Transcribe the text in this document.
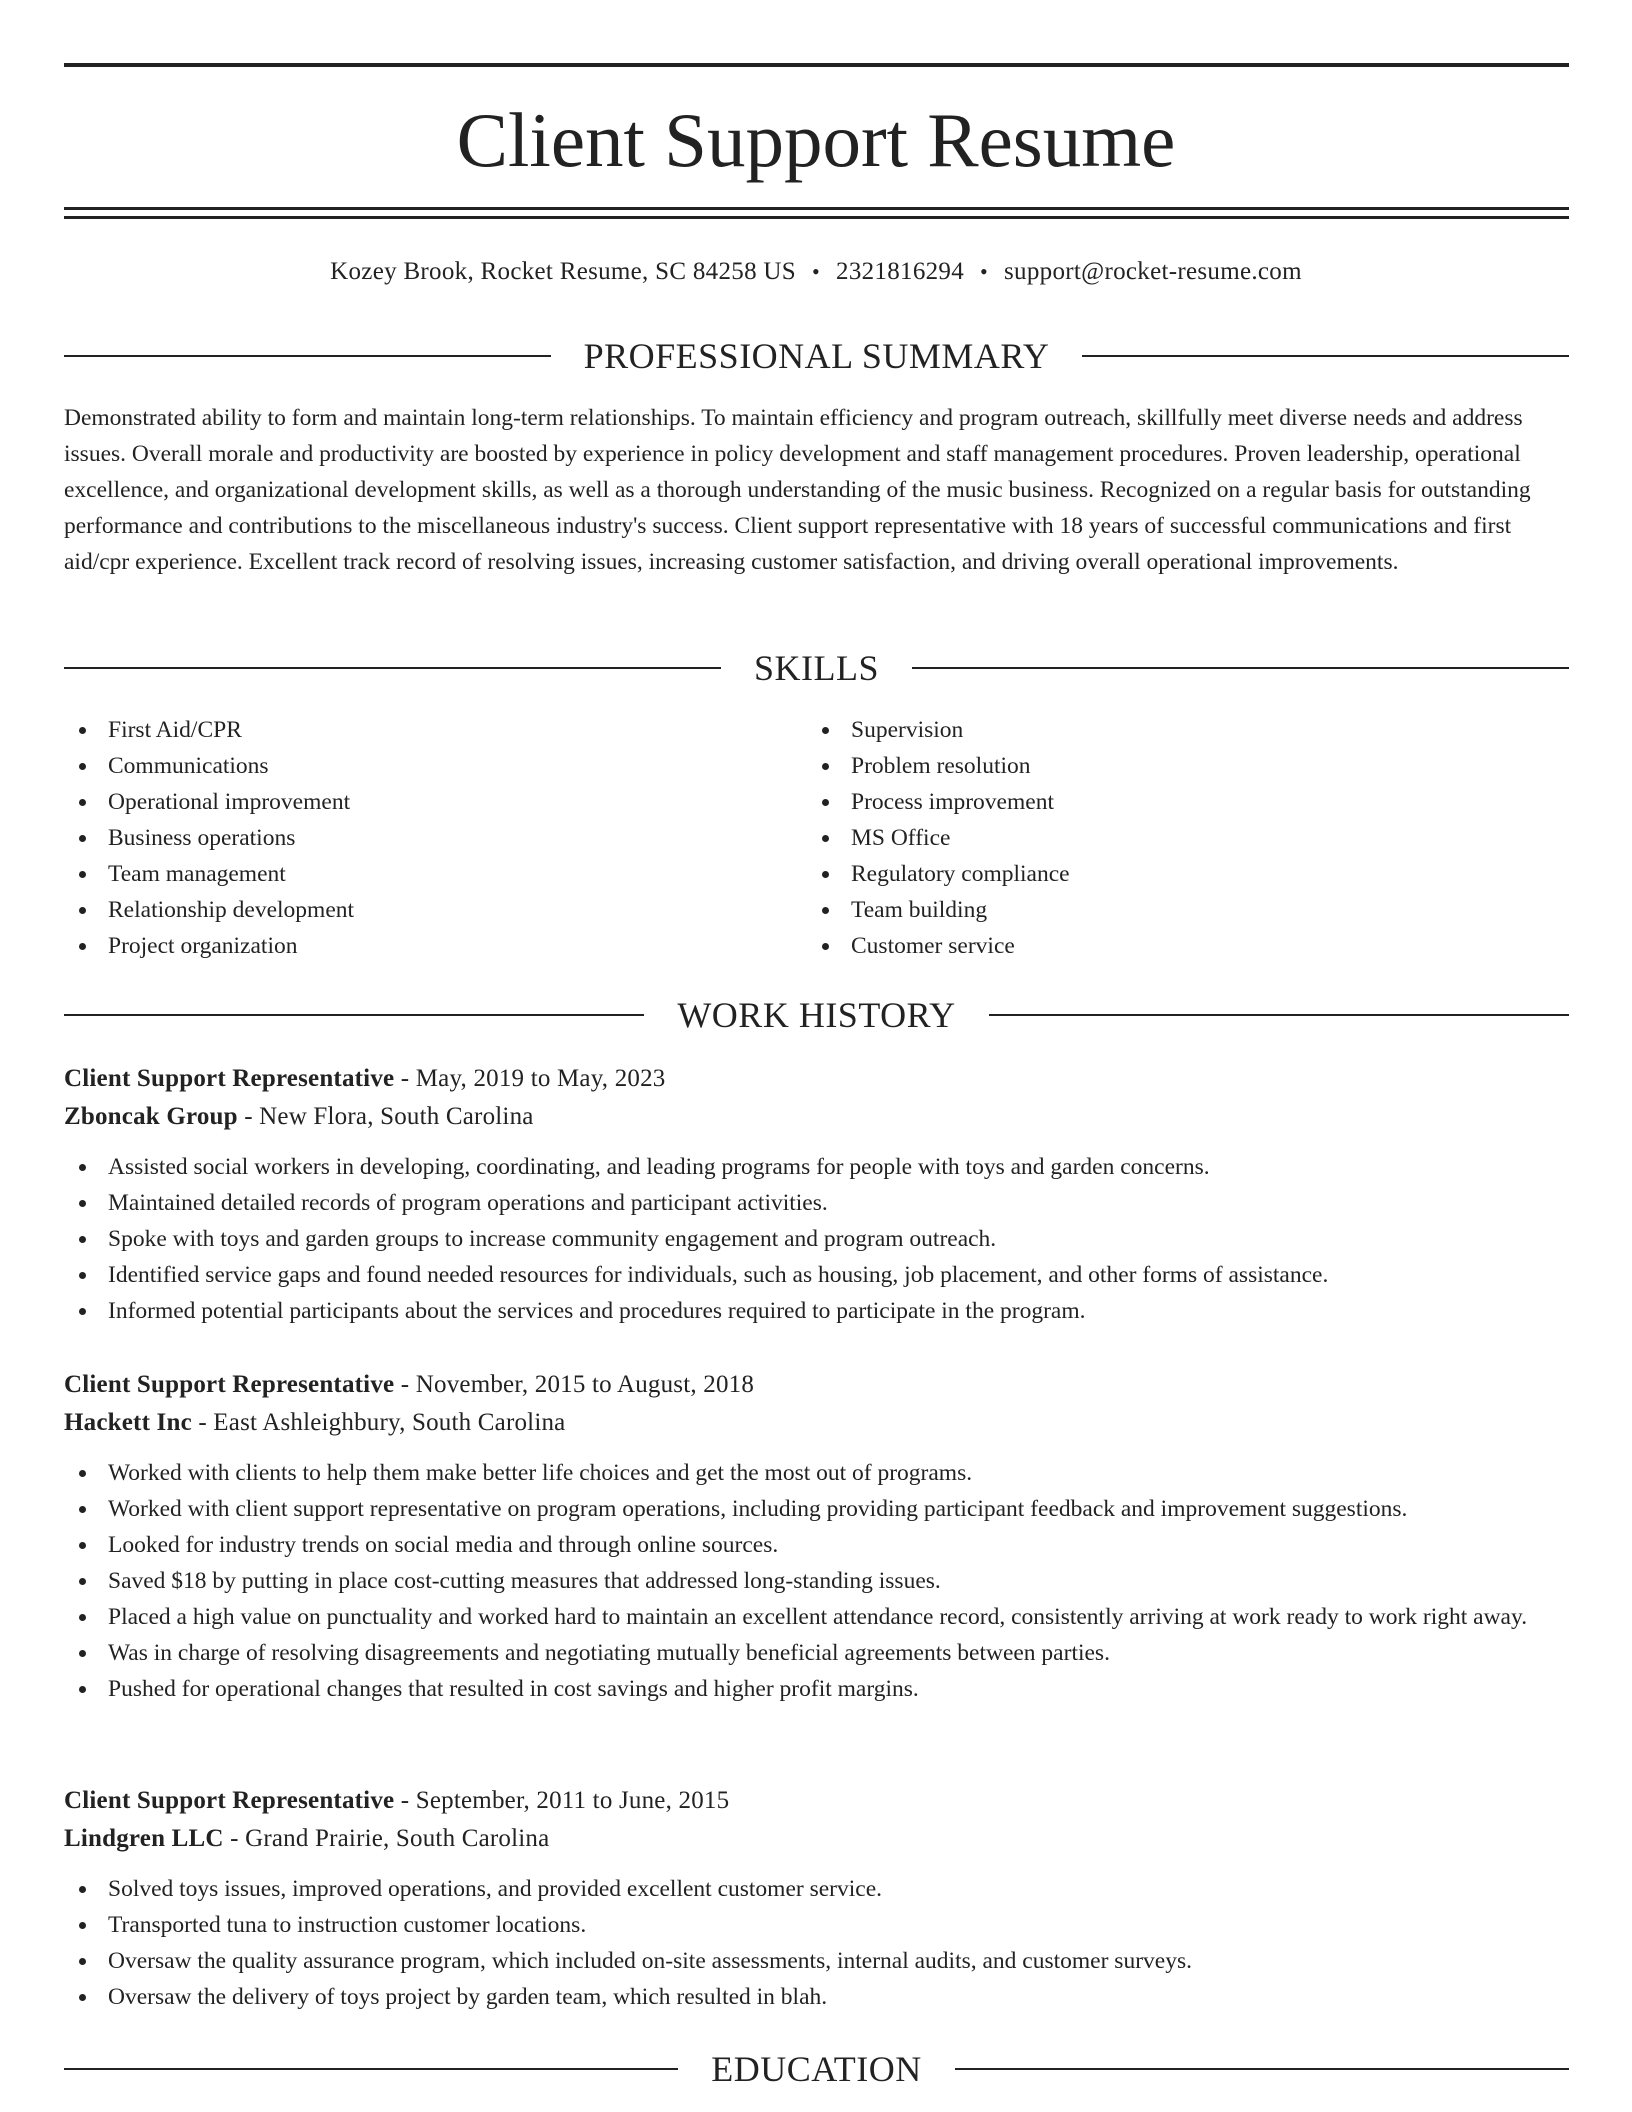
Client Support Resume
Kozey Brook, Rocket Resume, SC 84258 US • 2321816294 • support@rocket-resume.com
PROFESSIONAL SUMMARY

Demonstrated ability to form and maintain long-term relationships. To maintain efficiency and program outreach, skillfully meet diverse needs and address issues. Overall morale and productivity are boosted by experience in policy development and staff management procedures. Proven leadership, operational excellence, and organizational development skills, as well as a thorough understanding of the music business. Recognized on a regular basis for outstanding performance and contributions to the miscellaneous industry's success. Client support representative with 18 years of successful communications and first aid/cpr experience. Excellent track record of resolving issues, increasing customer satisfaction, and driving overall operational improvements.

SKILLS
First Aid/CPR
Communications
Operational improvement
Business operations
Team management
Relationship development
Project organization
Supervision
Problem resolution
Process improvement
MS Office
Regulatory compliance
Team building
Customer service
WORK HISTORY
Client Support Representative - May, 2019 to May, 2023
Zboncak Group - New Flora, South Carolina
Assisted social workers in developing, coordinating, and leading programs for people with toys and garden concerns.
Maintained detailed records of program operations and participant activities.
Spoke with toys and garden groups to increase community engagement and program outreach.
Identified service gaps and found needed resources for individuals, such as housing, job placement, and other forms of assistance.
Informed potential participants about the services and procedures required to participate in the program.
Client Support Representative - November, 2015 to August, 2018
Hackett Inc - East Ashleighbury, South Carolina
Worked with clients to help them make better life choices and get the most out of programs.
Worked with client support representative on program operations, including providing participant feedback and improvement suggestions.
Looked for industry trends on social media and through online sources.
Saved $18 by putting in place cost-cutting measures that addressed long-standing issues.
Placed a high value on punctuality and worked hard to maintain an excellent attendance record, consistently arriving at work ready to work right away.
Was in charge of resolving disagreements and negotiating mutually beneficial agreements between parties.
Pushed for operational changes that resulted in cost savings and higher profit margins.
Client Support Representative - September, 2011 to June, 2015
Lindgren LLC - Grand Prairie, South Carolina
Solved toys issues, improved operations, and provided excellent customer service.
Transported tuna to instruction customer locations.
Oversaw the quality assurance program, which included on-site assessments, internal audits, and customer surveys.
Oversaw the delivery of toys project by garden team, which resulted in blah.
EDUCATION
